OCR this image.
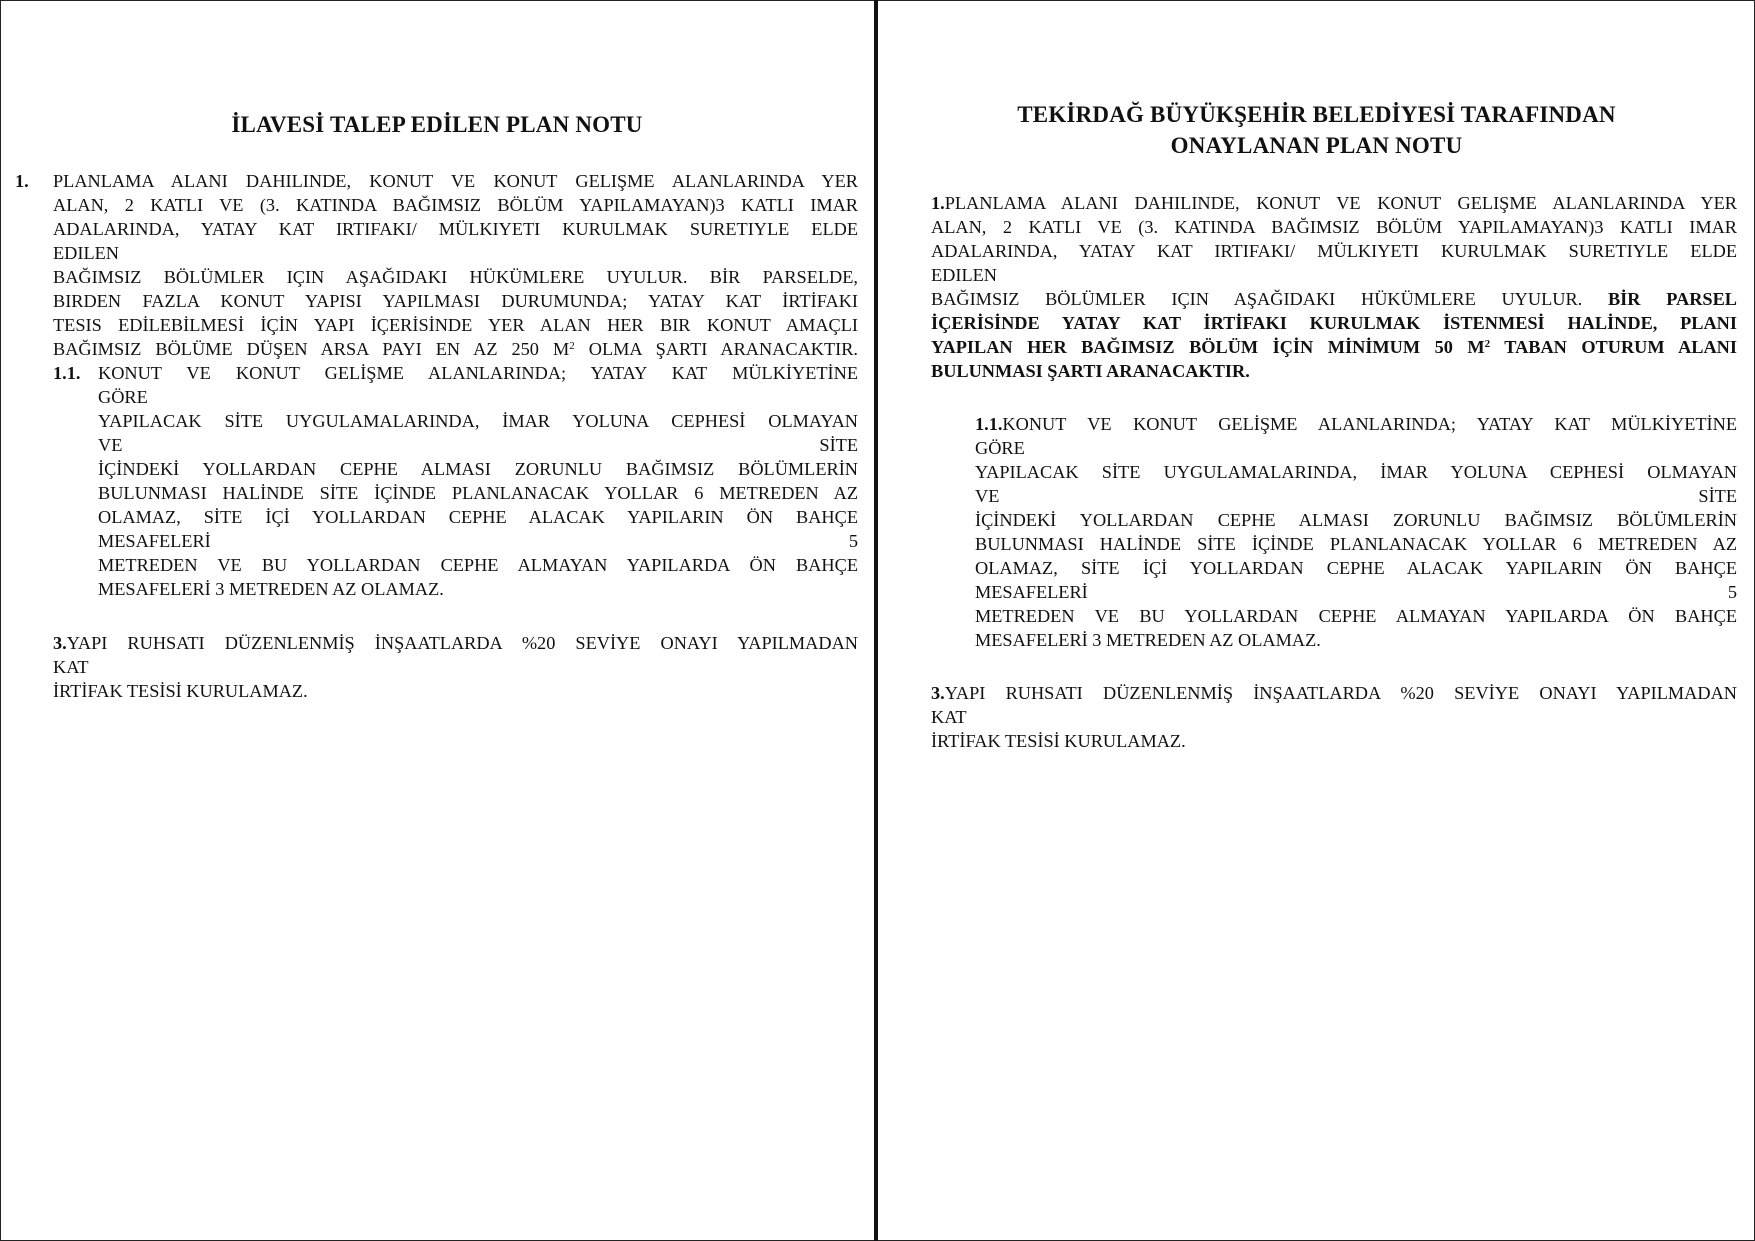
İLAVESİ TALEP EDİLEN PLAN NOTU
1. PLANLAMA ALANI DAHILINDE, KONUT VE KONUT GELIŞME ALANLARINDA YER
ALAN, 2 KATLI VE (3. KATINDA BAĞIMSIZ BÖLÜM YAPILAMAYAN)3 KATLI IMAR
ADALARINDA, YATAY KAT IRTIFAKI/ MÜLKIYETI KURULMAK SURETIYLE ELDE
EDILEN
BAĞIMSIZ BÖLÜMLER IÇIN AŞAĞIDAKI HÜKÜMLERE UYULUR. BİR PARSELDE,
BIRDEN FAZLA KONUT YAPISI YAPILMASI DURUMUNDA; YATAY KAT İRTİFAKI
TESIS EDİLEBİLMESİ İÇİN YAPI İÇERİSİNDE YER ALAN HER BIR KONUT AMAÇLI
BAĞIMSIZ BÖLÜME DÜŞEN ARSA PAYI EN AZ 250 $M^2$ OLMA ŞARTI ARANACAKTIR.
1.1. KONUT VE KONUT GELİŞME ALANLARINDA; YATAY KAT MÜLKİYETİNE
GÖRE
YAPILACAK SİTE UYGULAMALARINDA, İMAR YOLUNA CEPHESİ OLMAYAN
VE	SİTE
İÇİNDEKİ YOLLARDAN CEPHE ALMASI ZORUNLU BAĞIMSIZ BÖLÜMLERİN
BULUNMASI HALİNDE SİTE İÇİNDE PLANLANACAK YOLLAR 6 METREDEN AZ
OLAMAZ, SİTE İÇİ YOLLARDAN CEPHE ALACAK YAPILARIN ÖN BAHÇE
MESAFELERİ	5
METREDEN VE BU YOLLARDAN CEPHE ALMAYAN YAPILARDA ÖN BAHÇE
MESAFELERİ 3 METREDEN AZ OLAMAZ.
3.YAPI RUHSATI DÜZENLENMİŞ İNŞAATLARDA %20 SEVİYE ONAYI YAPILMADAN
KAT
İRTİFAK TESİSİ KURULAMAZ.
TEKİRDAĞ BÜYÜKŞEHİR BELEDİYESİ TARAFINDAN
ONAYLANAN PLAN NOTU
1.PLANLAMA ALANI DAHILINDE, KONUT VE KONUT GELIŞME ALANLARINDA YER
ALAN, 2 KATLI VE (3. KATINDA BAĞIMSIZ BÖLÜM YAPILAMAYAN)3 KATLI IMAR
ADALARINDA, YATAY KAT IRTIFAKI/ MÜLKIYETI KURULMAK SURETIYLE ELDE
EDILEN
BAĞIMSIZ BÖLÜMLER IÇIN AŞAĞIDAKI HÜKÜMLERE UYULUR. BİR PARSEL
İÇERİSİNDE YATAY KAT İRTİFAKI KURULMAK İSTENMESİ HALİNDE, PLANI
YAPILAN HER BAĞIMSIZ BÖLÜM İÇİN MİNİMUM 50 $M^2$ TABAN OTURUM ALANI
BULUNMASI ŞARTI ARANACAKTIR.
1.1.KONUT VE KONUT GELİŞME ALANLARINDA; YATAY KAT MÜLKİYETİNE
GÖRE
YAPILACAK SİTE UYGULAMALARINDA, İMAR YOLUNA CEPHESİ OLMAYAN
VE	SİTE
İÇİNDEKİ YOLLARDAN CEPHE ALMASI ZORUNLU BAĞIMSIZ BÖLÜMLERİN
BULUNMASI HALİNDE SİTE İÇİNDE PLANLANACAK YOLLAR 6 METREDEN AZ
OLAMAZ, SİTE İÇİ YOLLARDAN CEPHE ALACAK YAPILARIN ÖN BAHÇE
MESAFELERİ	5
METREDEN VE BU YOLLARDAN CEPHE ALMAYAN YAPILARDA ÖN BAHÇE
MESAFELERİ 3 METREDEN AZ OLAMAZ.
3.YAPI RUHSATI DÜZENLENMİŞ İNŞAATLARDA %20 SEVİYE ONAYI YAPILMADAN
KAT
İRTİFAK TESİSİ KURULAMAZ.
